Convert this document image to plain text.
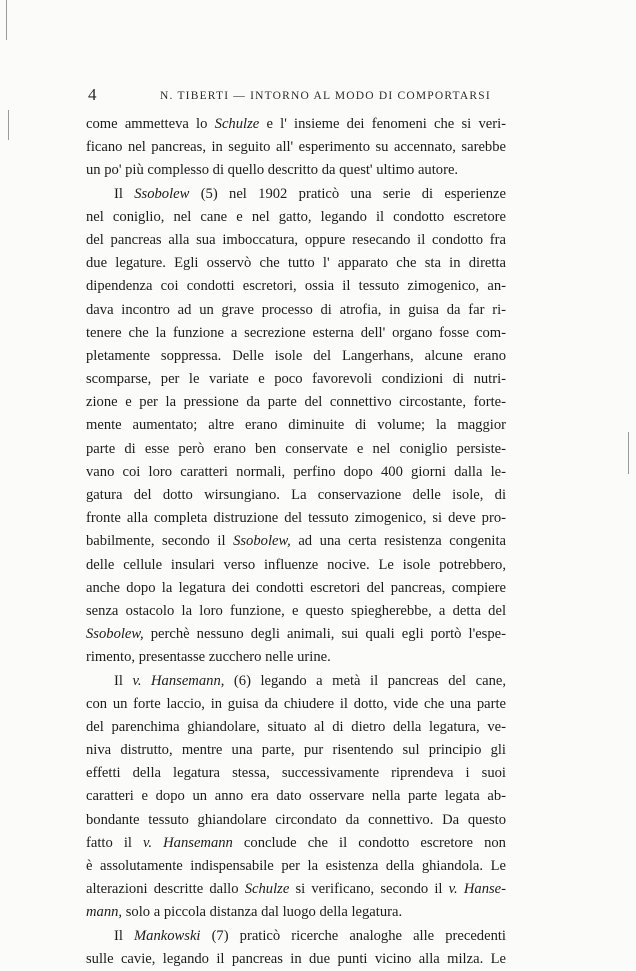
4	N. TIBERTI — INTORNO AL MODO DI COMPORTARSI
come ammetteva lo Schulze e l' insieme dei fenomeni che si veri-
ficano nel pancreas, in seguito all' esperimento su accennato, sarebbe
un po' più complesso di quello descritto da quest' ultimo autore.
Il Ssobolew (5) nel 1902 praticò una serie di esperienze
nel coniglio, nel cane e nel gatto, legando il condotto escretore
del pancreas alla sua imboccatura, oppure resecando il condotto fra
due legature. Egli osservò che tutto l' apparato che sta in diretta
dipendenza coi condotti escretori, ossia il tessuto zimogenico, an-
dava incontro ad un grave processo di atrofia, in guisa da far ri-
tenere che la funzione a secrezione esterna dell' organo fosse com-
pletamente soppressa. Delle isole del Langerhans, alcune erano
scomparse, per le variate e poco favorevoli condizioni di nutri-
zione e per la pressione da parte del connettivo circostante, forte-
mente aumentato; altre erano diminuite di volume; la maggior
parte di esse però erano ben conservate e nel coniglio persiste-
vano coi loro caratteri normali, perfino dopo 400 giorni dalla le-
gatura del dotto wirsungiano. La conservazione delle isole, di
fronte alla completa distruzione del tessuto zimogenico, si deve pro-
babilmente, secondo il Ssobolew, ad una certa resistenza congenita
delle cellule insulari verso influenze nocive. Le isole potrebbero,
anche dopo la legatura dei condotti escretori del pancreas, compiere
senza ostacolo la loro funzione, e questo spiegherebbe, a detta del
Ssobolew, perchè nessuno degli animali, sui quali egli portò l'espe-
rimento, presentasse zucchero nelle urine.
Il v. Hansemann, (6) legando a metà il pancreas del cane,
con un forte laccio, in guisa da chiudere il dotto, vide che una parte
del parenchima ghiandolare, situato al di dietro della legatura, ve-
niva distrutto, mentre una parte, pur risentendo sul principio gli
effetti della legatura stessa, successivamente riprendeva i suoi
caratteri e dopo un anno era dato osservare nella parte legata ab-
bondante tessuto ghiandolare circondato da connettivo. Da questo
fatto il v. Hansemann conclude che il condotto escretore non
è assolutamente indispensabile per la esistenza della ghiandola. Le
alterazioni descritte dallo Schulze si verificano, secondo il v. Hanse-
mann, solo a piccola distanza dal luogo della legatura.
Il Mankowski (7) praticò ricerche analoghe alle precedenti
sulle cavie, legando il pancreas in due punti vicino alla milza. Le
